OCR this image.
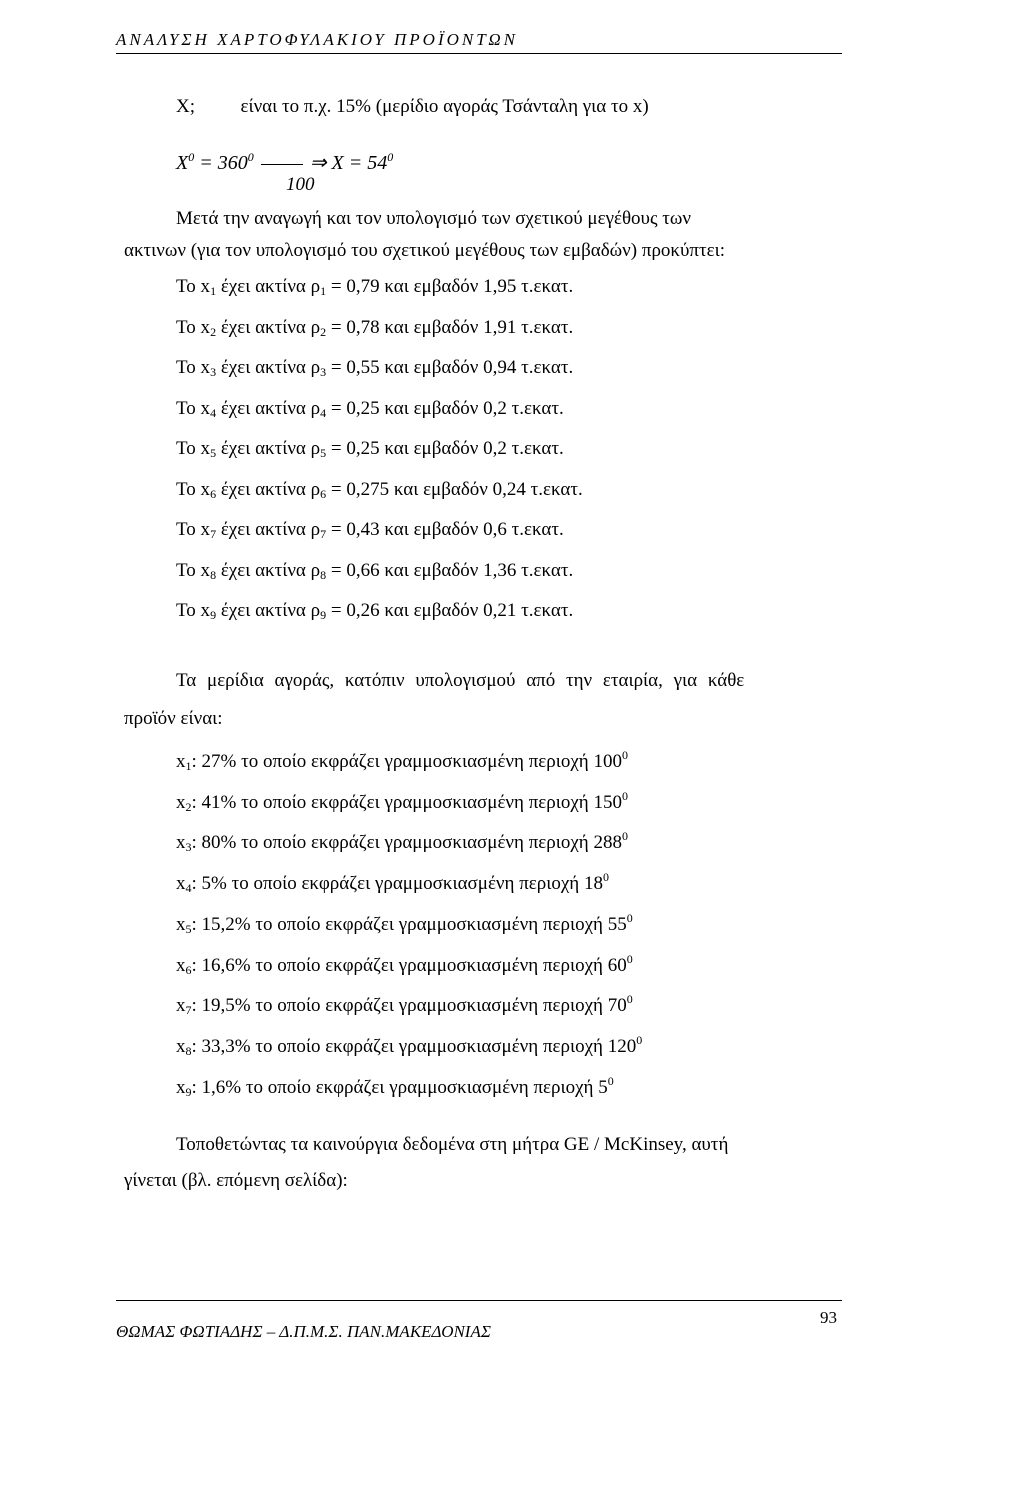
ΑΝΑΛΥΣΗ ΧΑΡΤΟΦΥΛΑΚΙΟΥ ΠΡΟΪΟΝΤΩΝ
X; είναι το π.χ. 15% (μερίδιο αγοράς Τσάνταλη για το x)
$X^0 = 360^0$	⇒ $X = 54^0$
100
Μετά την αναγωγή και τον υπολογισμό των σχετικού μεγέθους των
ακτινων (για τον υπολογισμό του σχετικού μεγέθους των εμβαδών) προκύπτει:
Το $x_1$ έχει ακτίνα $\rho_1 = 0,79$ και εμβαδόν 1,95 τ.εκατ.
Το $x_2$ έχει ακτίνα $\rho_2 = 0,78$ και εμβαδόν 1,91 τ.εκατ.
Το $x_3$ έχει ακτίνα $\rho_3 = 0,55$ και εμβαδόν 0,94 τ.εκατ.
Το $x_4$ έχει ακτίνα $\rho_4 = 0,25$ και εμβαδόν 0,2 τ.εκατ.
Το $x_5$ έχει ακτίνα $\rho_5 = 0,25$ και εμβαδόν 0,2 τ.εκατ.
Το $x_6$ έχει ακτίνα $\rho_6 = 0,275$ και εμβαδόν 0,24 τ.εκατ.
Το $x_7$ έχει ακτίνα $\rho_7 = 0,43$ και εμβαδόν 0,6 τ.εκατ.
Το $x_8$ έχει ακτίνα $\rho_8 = 0,66$ και εμβαδόν 1,36 τ.εκατ.
Το $x_9$ έχει ακτίνα $\rho_9 = 0,26$ και εμβαδόν 0,21 τ.εκατ.
Τα μερίδια αγοράς, κατόπιν υπολογισμού από την εταιρία, για κάθε
προϊόν είναι:
$x_1$: 27% το οποίο εκφράζει γραμμοσκιασμένη περιοχή $100^0$
$x_2$: 41% το οποίο εκφράζει γραμμοσκιασμένη περιοχή $150^0$
$x_3$: 80% το οποίο εκφράζει γραμμοσκιασμένη περιοχή $288^0$
$x_4$: 5% το οποίο εκφράζει γραμμοσκιασμένη περιοχή $18^0$
$x_5$: 15,2% το οποίο εκφράζει γραμμοσκιασμένη περιοχή $55^0$
$x_6$: 16,6% το οποίο εκφράζει γραμμοσκιασμένη περιοχή $60^0$
$x_7$: 19,5% το οποίο εκφράζει γραμμοσκιασμένη περιοχή $70^0$
$x_8$: 33,3% το οποίο εκφράζει γραμμοσκιασμένη περιοχή $120^0$
$x_9$: 1,6% το οποίο εκφράζει γραμμοσκιασμένη περιοχή $5^0$
Τοποθετώντας τα καινούργια δεδομένα στη μήτρα GE / McKinsey, αυτή
γίνεται (βλ. επόμενη σελίδα):
ΘΩΜΑΣ ΦΩΤΙΑΔΗΣ – Δ.Π.Μ.Σ. ΠΑΝ.ΜΑΚΕΔΟΝΙΑΣ
93
